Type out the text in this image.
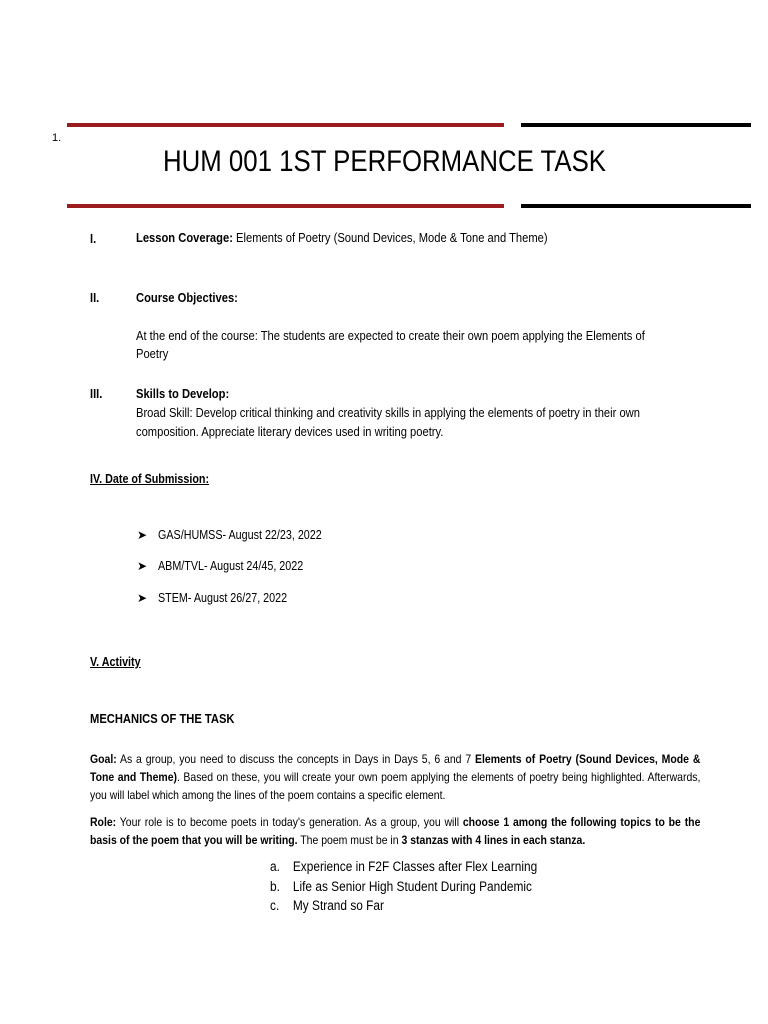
1.
HUM 001 1ST PERFORMANCE TASK
I.	Lesson Coverage: Elements of Poetry (Sound Devices, Mode & Tone and Theme)
II.	Course Objectives:
At the end of the course: The students are expected to create their own poem applying the Elements of
Poetry
III.	Skills to Develop:
Broad Skill: Develop critical thinking and creativity skills in applying the elements of poetry in their own
composition. Appreciate literary devices used in writing poetry.
IV. Date of Submission:
➤ GAS/HUMSS- August 22/23, 2022
➤ ABM/TVL- August 24/45, 2022
➤ STEM- August 26/27, 2022
V. Activity
MECHANICS OF THE TASK
Goal: As a group, you need to discuss the concepts in Days in Days 5, 6 and 7 Elements of Poetry (Sound Devices, Mode & Tone and Theme). Based on these, you will create your own poem applying the elements of poetry being highlighted. Afterwards, you will label which among the lines of the poem contains a specific element.
Role: Your role is to become poets in today's generation. As a group, you will choose 1 among the following topics to be the basis of the poem that you will be writing. The poem must be in 3 stanzas with 4 lines in each stanza.
a. Experience in F2F Classes after Flex Learning
b. Life as Senior High Student During Pandemic
c. My Strand so Far
